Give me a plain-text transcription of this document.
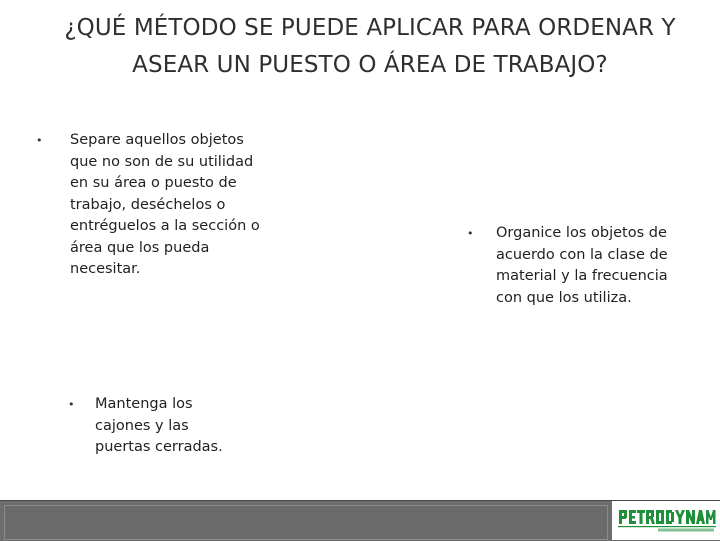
¿QUÉ MÉTODO SE PUEDE APLICAR PARA ORDENAR Y ASEAR UN PUESTO O ÁREA DE TRABAJO?
• Separe aquellos objetos que no son de su utilidad en su área o puesto de trabajo, deséchelos o entréguelos a la sección o área que los pueda necesitar.
• Organice los objetos de acuerdo con la clase de material y la frecuencia con que los utiliza.
• Mantenga los cajones y las puertas cerradas.
